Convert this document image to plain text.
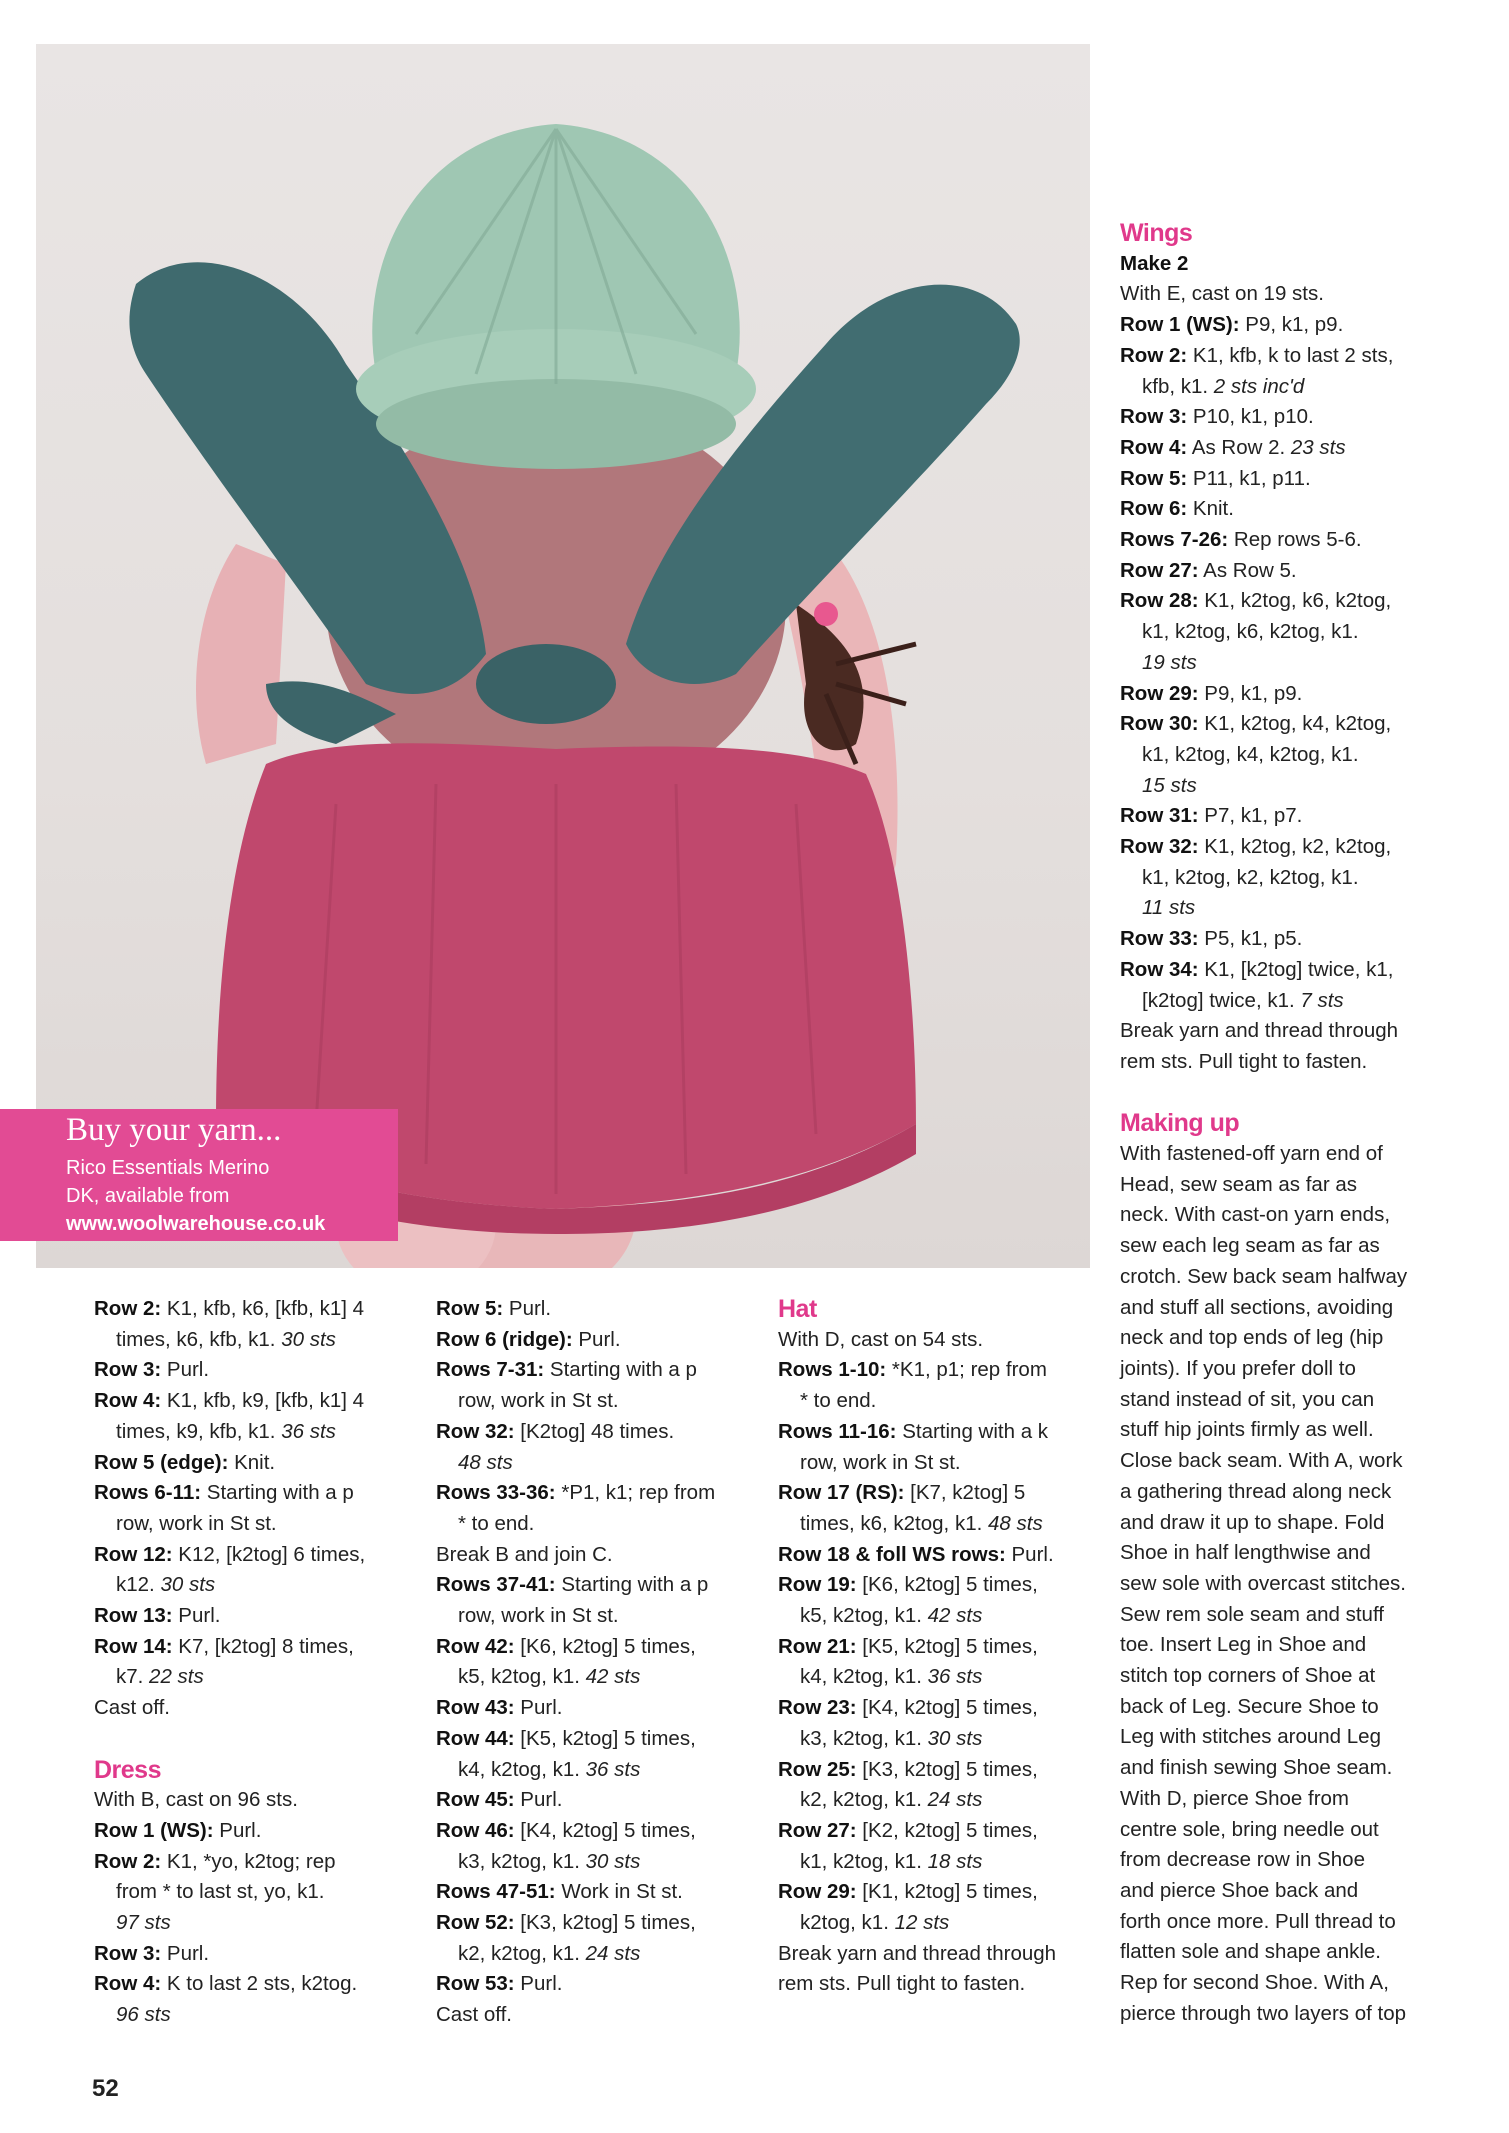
Buy your yarn...
Rico Essentials Merino
DK, available from
www.woolwarehouse.co.uk
Row 2: K1, kfb, k6, [kfb, k1] 4
times, k6, kfb, k1. 30 sts
Row 3: Purl.
Row 4: K1, kfb, k9, [kfb, k1] 4
times, k9, kfb, k1. 36 sts
Row 5 (edge): Knit.
Rows 6-11: Starting with a p
row, work in St st.
Row 12: K12, [k2tog] 6 times,
k12. 30 sts
Row 13: Purl.
Row 14: K7, [k2tog] 8 times,
k7. 22 sts
Cast off.
Dress
With B, cast on 96 sts.
Row 1 (WS): Purl.
Row 2: K1, *yo, k2tog; rep
from * to last st, yo, k1.
97 sts
Row 3: Purl.
Row 4: K to last 2 sts, k2tog.
96 sts
Row 5: Purl.
Row 6 (ridge): Purl.
Rows 7-31: Starting with a p
row, work in St st.
Row 32: [K2tog] 48 times.
48 sts
Rows 33-36: *P1, k1; rep from
* to end.
Break B and join C.
Rows 37-41: Starting with a p
row, work in St st.
Row 42: [K6, k2tog] 5 times,
k5, k2tog, k1. 42 sts
Row 43: Purl.
Row 44: [K5, k2tog] 5 times,
k4, k2tog, k1. 36 sts
Row 45: Purl.
Row 46: [K4, k2tog] 5 times,
k3, k2tog, k1. 30 sts
Rows 47-51: Work in St st.
Row 52: [K3, k2tog] 5 times,
k2, k2tog, k1. 24 sts
Row 53: Purl.
Cast off.
Hat
With D, cast on 54 sts.
Rows 1-10: *K1, p1; rep from
* to end.
Rows 11-16: Starting with a k
row, work in St st.
Row 17 (RS): [K7, k2tog] 5
times, k6, k2tog, k1. 48 sts
Row 18 & foll WS rows: Purl.
Row 19: [K6, k2tog] 5 times,
k5, k2tog, k1. 42 sts
Row 21: [K5, k2tog] 5 times,
k4, k2tog, k1. 36 sts
Row 23: [K4, k2tog] 5 times,
k3, k2tog, k1. 30 sts
Row 25: [K3, k2tog] 5 times,
k2, k2tog, k1. 24 sts
Row 27: [K2, k2tog] 5 times,
k1, k2tog, k1. 18 sts
Row 29: [K1, k2tog] 5 times,
k2tog, k1. 12 sts
Break yarn and thread through
rem sts. Pull tight to fasten.
Wings
Make 2
With E, cast on 19 sts.
Row 1 (WS): P9, k1, p9.
Row 2: K1, kfb, k to last 2 sts,
kfb, k1. 2 sts inc'd
Row 3: P10, k1, p10.
Row 4: As Row 2. 23 sts
Row 5: P11, k1, p11.
Row 6: Knit.
Rows 7-26: Rep rows 5-6.
Row 27: As Row 5.
Row 28: K1, k2tog, k6, k2tog,
k1, k2tog, k6, k2tog, k1.
19 sts
Row 29: P9, k1, p9.
Row 30: K1, k2tog, k4, k2tog,
k1, k2tog, k4, k2tog, k1.
15 sts
Row 31: P7, k1, p7.
Row 32: K1, k2tog, k2, k2tog,
k1, k2tog, k2, k2tog, k1.
11 sts
Row 33: P5, k1, p5.
Row 34: K1, [k2tog] twice, k1,
[k2tog] twice, k1. 7 sts
Break yarn and thread through
rem sts. Pull tight to fasten.
Making up
With fastened-off yarn end of
Head, sew seam as far as
neck. With cast-on yarn ends,
sew each leg seam as far as
crotch. Sew back seam halfway
and stuff all sections, avoiding
neck and top ends of leg (hip
joints). If you prefer doll to
stand instead of sit, you can
stuff hip joints firmly as well.
Close back seam. With A, work
a gathering thread along neck
and draw it up to shape. Fold
Shoe in half lengthwise and
sew sole with overcast stitches.
Sew rem sole seam and stuff
toe. Insert Leg in Shoe and
stitch top corners of Shoe at
back of Leg. Secure Shoe to
Leg with stitches around Leg
and finish sewing Shoe seam.
With D, pierce Shoe from
centre sole, bring needle out
from decrease row in Shoe
and pierce Shoe back and
forth once more. Pull thread to
flatten sole and shape ankle.
Rep for second Shoe. With A,
pierce through two layers of top
52
